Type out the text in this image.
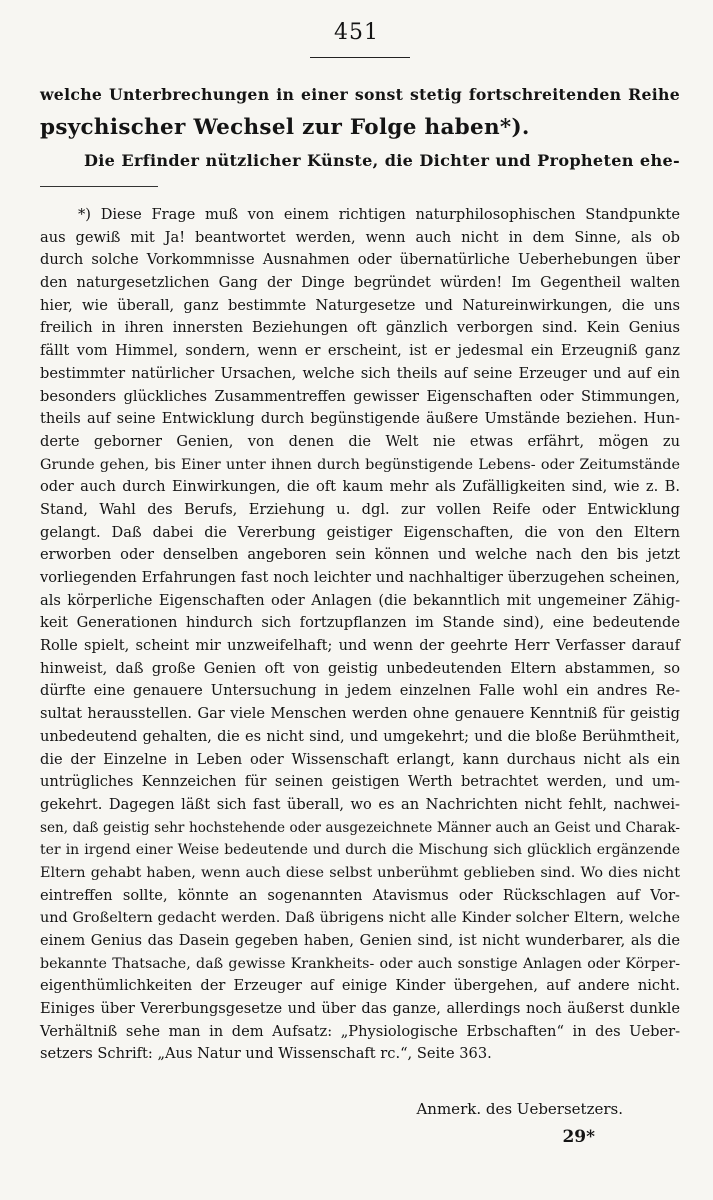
451
welche Unterbrechungen in einer sonst stetig fortschreitenden Reihe
psychischer Wechsel zur Folge haben*).
Die Erfinder nützlicher Künste, die Dichter und Propheten ehe-
*) Diese Frage muß von einem richtigen naturphilosophischen Standpunkte
aus gewiß mit Ja! beantwortet werden, wenn auch nicht in dem Sinne, als ob
durch solche Vorkommnisse Ausnahmen oder übernatürliche Ueberhebungen über
den naturgesetzlichen Gang der Dinge begründet würden! Im Gegentheil walten
hier, wie überall, ganz bestimmte Naturgesetze und Natureinwirkungen, die uns
freilich in ihren innersten Beziehungen oft gänzlich verborgen sind. Kein Genius
fällt vom Himmel, sondern, wenn er erscheint, ist er jedesmal ein Erzeugniß ganz
bestimmter natürlicher Ursachen, welche sich theils auf seine Erzeuger und auf ein
besonders glückliches Zusammentreffen gewisser Eigenschaften oder Stimmungen,
theils auf seine Entwicklung durch begünstigende äußere Umstände beziehen. Hun-
derte geborner Genien, von denen die Welt nie etwas erfährt, mögen zu
Grunde gehen, bis Einer unter ihnen durch begünstigende Lebens- oder Zeitumstände
oder auch durch Einwirkungen, die oft kaum mehr als Zufälligkeiten sind, wie z. B.
Stand, Wahl des Berufs, Erziehung u. dgl. zur vollen Reife oder Entwicklung
gelangt. Daß dabei die Vererbung geistiger Eigenschaften, die von den Eltern
erworben oder denselben angeboren sein können und welche nach den bis jetzt
vorliegenden Erfahrungen fast noch leichter und nachhaltiger überzugehen scheinen,
als körperliche Eigenschaften oder Anlagen (die bekanntlich mit ungemeiner Zähig-
keit Generationen hindurch sich fortzupflanzen im Stande sind), eine bedeutende
Rolle spielt, scheint mir unzweifelhaft; und wenn der geehrte Herr Verfasser darauf
hinweist, daß große Genien oft von geistig unbedeutenden Eltern abstammen, so
dürfte eine genauere Untersuchung in jedem einzelnen Falle wohl ein andres Re-
sultat herausstellen. Gar viele Menschen werden ohne genauere Kenntniß für geistig
unbedeutend gehalten, die es nicht sind, und umgekehrt; und die bloße Berühmtheit,
die der Einzelne in Leben oder Wissenschaft erlangt, kann durchaus nicht als ein
untrügliches Kennzeichen für seinen geistigen Werth betrachtet werden, und um-
gekehrt. Dagegen läßt sich fast überall, wo es an Nachrichten nicht fehlt, nachwei-
sen, daß geistig sehr hochstehende oder ausgezeichnete Männer auch an Geist und Charak-
ter in irgend einer Weise bedeutende und durch die Mischung sich glücklich ergänzende
Eltern gehabt haben, wenn auch diese selbst unberühmt geblieben sind. Wo dies nicht
eintreffen sollte, könnte an sogenannten Atavismus oder Rückschlagen auf Vor-
und Großeltern gedacht werden. Daß übrigens nicht alle Kinder solcher Eltern, welche
einem Genius das Dasein gegeben haben, Genien sind, ist nicht wunderbarer, als die
bekannte Thatsache, daß gewisse Krankheits- oder auch sonstige Anlagen oder Körper-
eigenthümlichkeiten der Erzeuger auf einige Kinder übergehen, auf andere nicht.
Einiges über Vererbungsgesetze und über das ganze, allerdings noch äußerst dunkle
Verhältniß sehe man in dem Aufsatz: „Physiologische Erbschaften“ in des Ueber-
setzers Schrift: „Aus Natur und Wissenschaft rc.“, Seite 363.
Anmerk. des Uebersetzers.
29*
